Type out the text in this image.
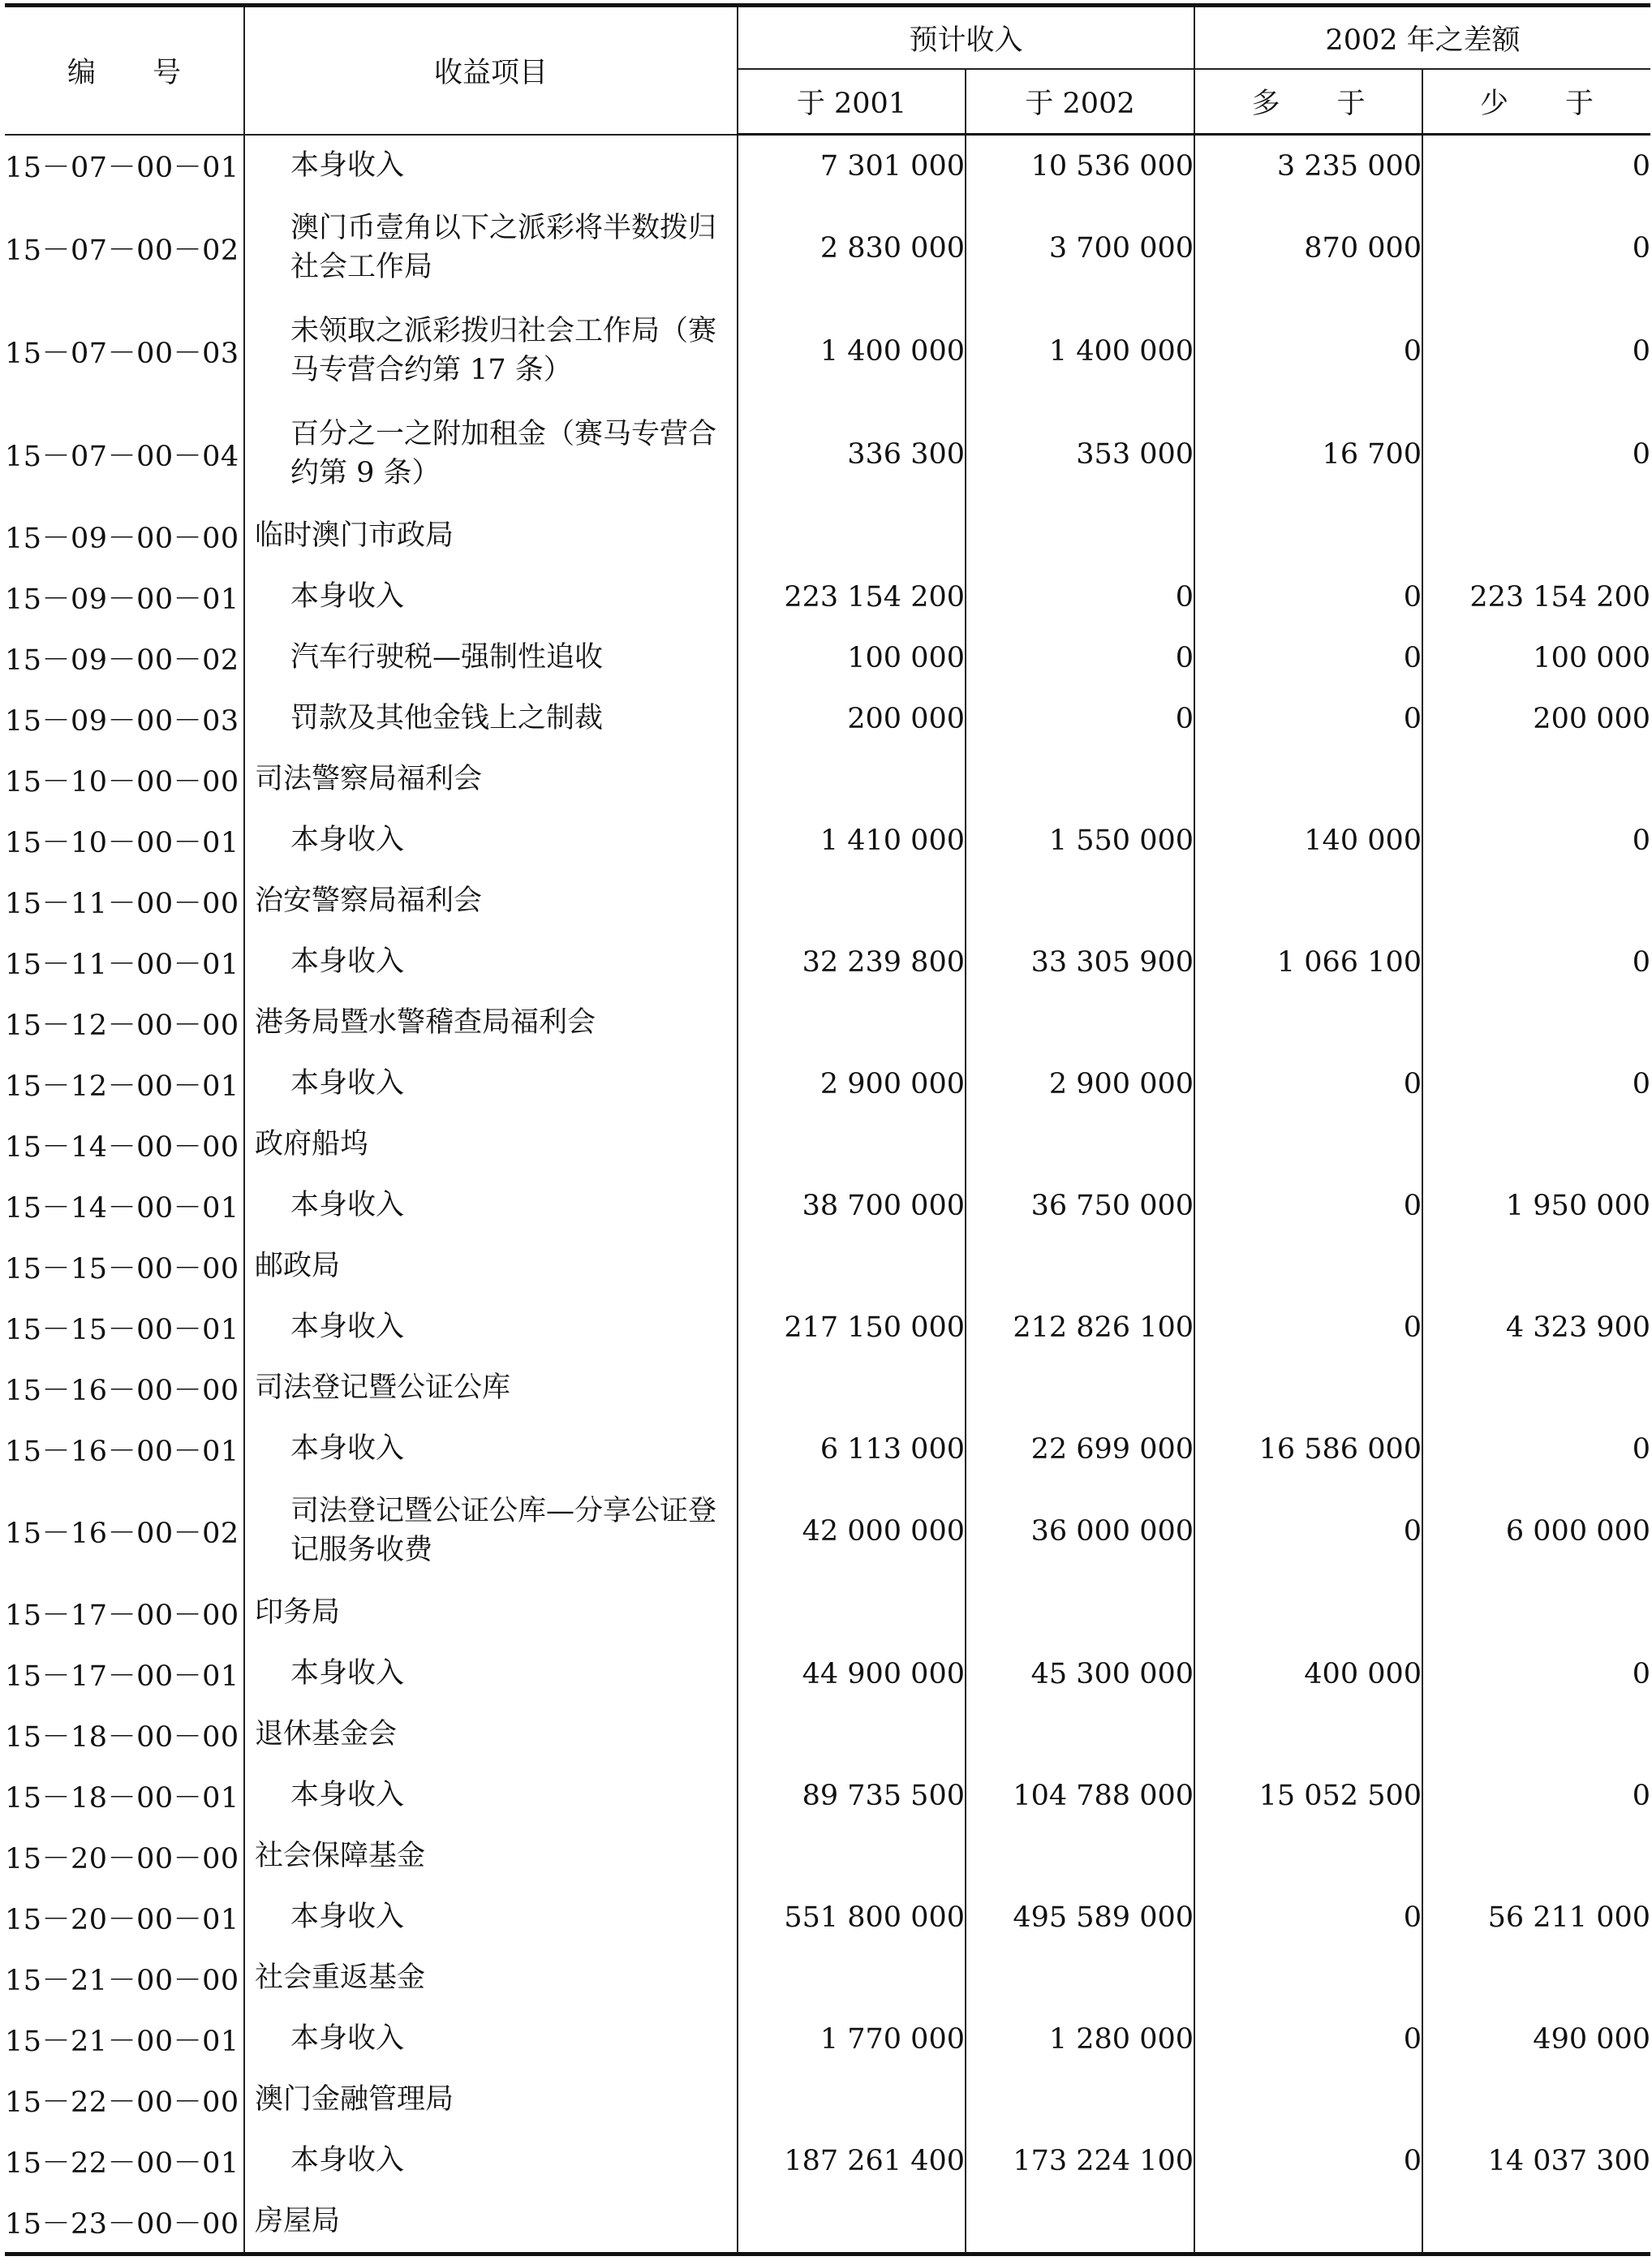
编　　号	收益项目	预计收入		2002 年之差额	
		于 2001	于 2002	多　　于	少　　于
15－07－00－01	本身收入	7 301 000	10 536 000	3 235 000	0
15－07－00－02	澳门币壹角以下之派彩将半数拨归社会工作局	2 830 000	3 700 000	870 000	0
15－07－00－03	未领取之派彩拨归社会工作局（赛马专营合约第 17 条）	1 400 000	1 400 000	0	0
15－07－00－04	百分之一之附加租金（赛马专营合约第 9 条）	336 300	353 000	16 700	0
15－09－00－00	临时澳门市政局				
15－09－00－01	本身收入	223 154 200	0	0	223 154 200
15－09－00－02	汽车行驶税—强制性追收	100 000	0	0	100 000
15－09－00－03	罚款及其他金钱上之制裁	200 000	0	0	200 000
15－10－00－00	司法警察局福利会				
15－10－00－01	本身收入	1 410 000	1 550 000	140 000	0
15－11－00－00	治安警察局福利会				
15－11－00－01	本身收入	32 239 800	33 305 900	1 066 100	0
15－12－00－00	港务局暨水警稽查局福利会				
15－12－00－01	本身收入	2 900 000	2 900 000	0	0
15－14－00－00	政府船坞				
15－14－00－01	本身收入	38 700 000	36 750 000	0	1 950 000
15－15－00－00	邮政局				
15－15－00－01	本身收入	217 150 000	212 826 100	0	4 323 900
15－16－00－00	司法登记暨公证公库				
15－16－00－01	本身收入	6 113 000	22 699 000	16 586 000	0
15－16－00－02	司法登记暨公证公库—分享公证登记服务收费	42 000 000	36 000 000	0	6 000 000
15－17－00－00	印务局				
15－17－00－01	本身收入	44 900 000	45 300 000	400 000	0
15－18－00－00	退休基金会				
15－18－00－01	本身收入	89 735 500	104 788 000	15 052 500	0
15－20－00－00	社会保障基金				
15－20－00－01	本身收入	551 800 000	495 589 000	0	56 211 000
15－21－00－00	社会重返基金				
15－21－00－01	本身收入	1 770 000	1 280 000	0	490 000
15－22－00－00	澳门金融管理局				
15－22－00－01	本身收入	187 261 400	173 224 100	0	14 037 300
15－23－00－00	房屋局				
